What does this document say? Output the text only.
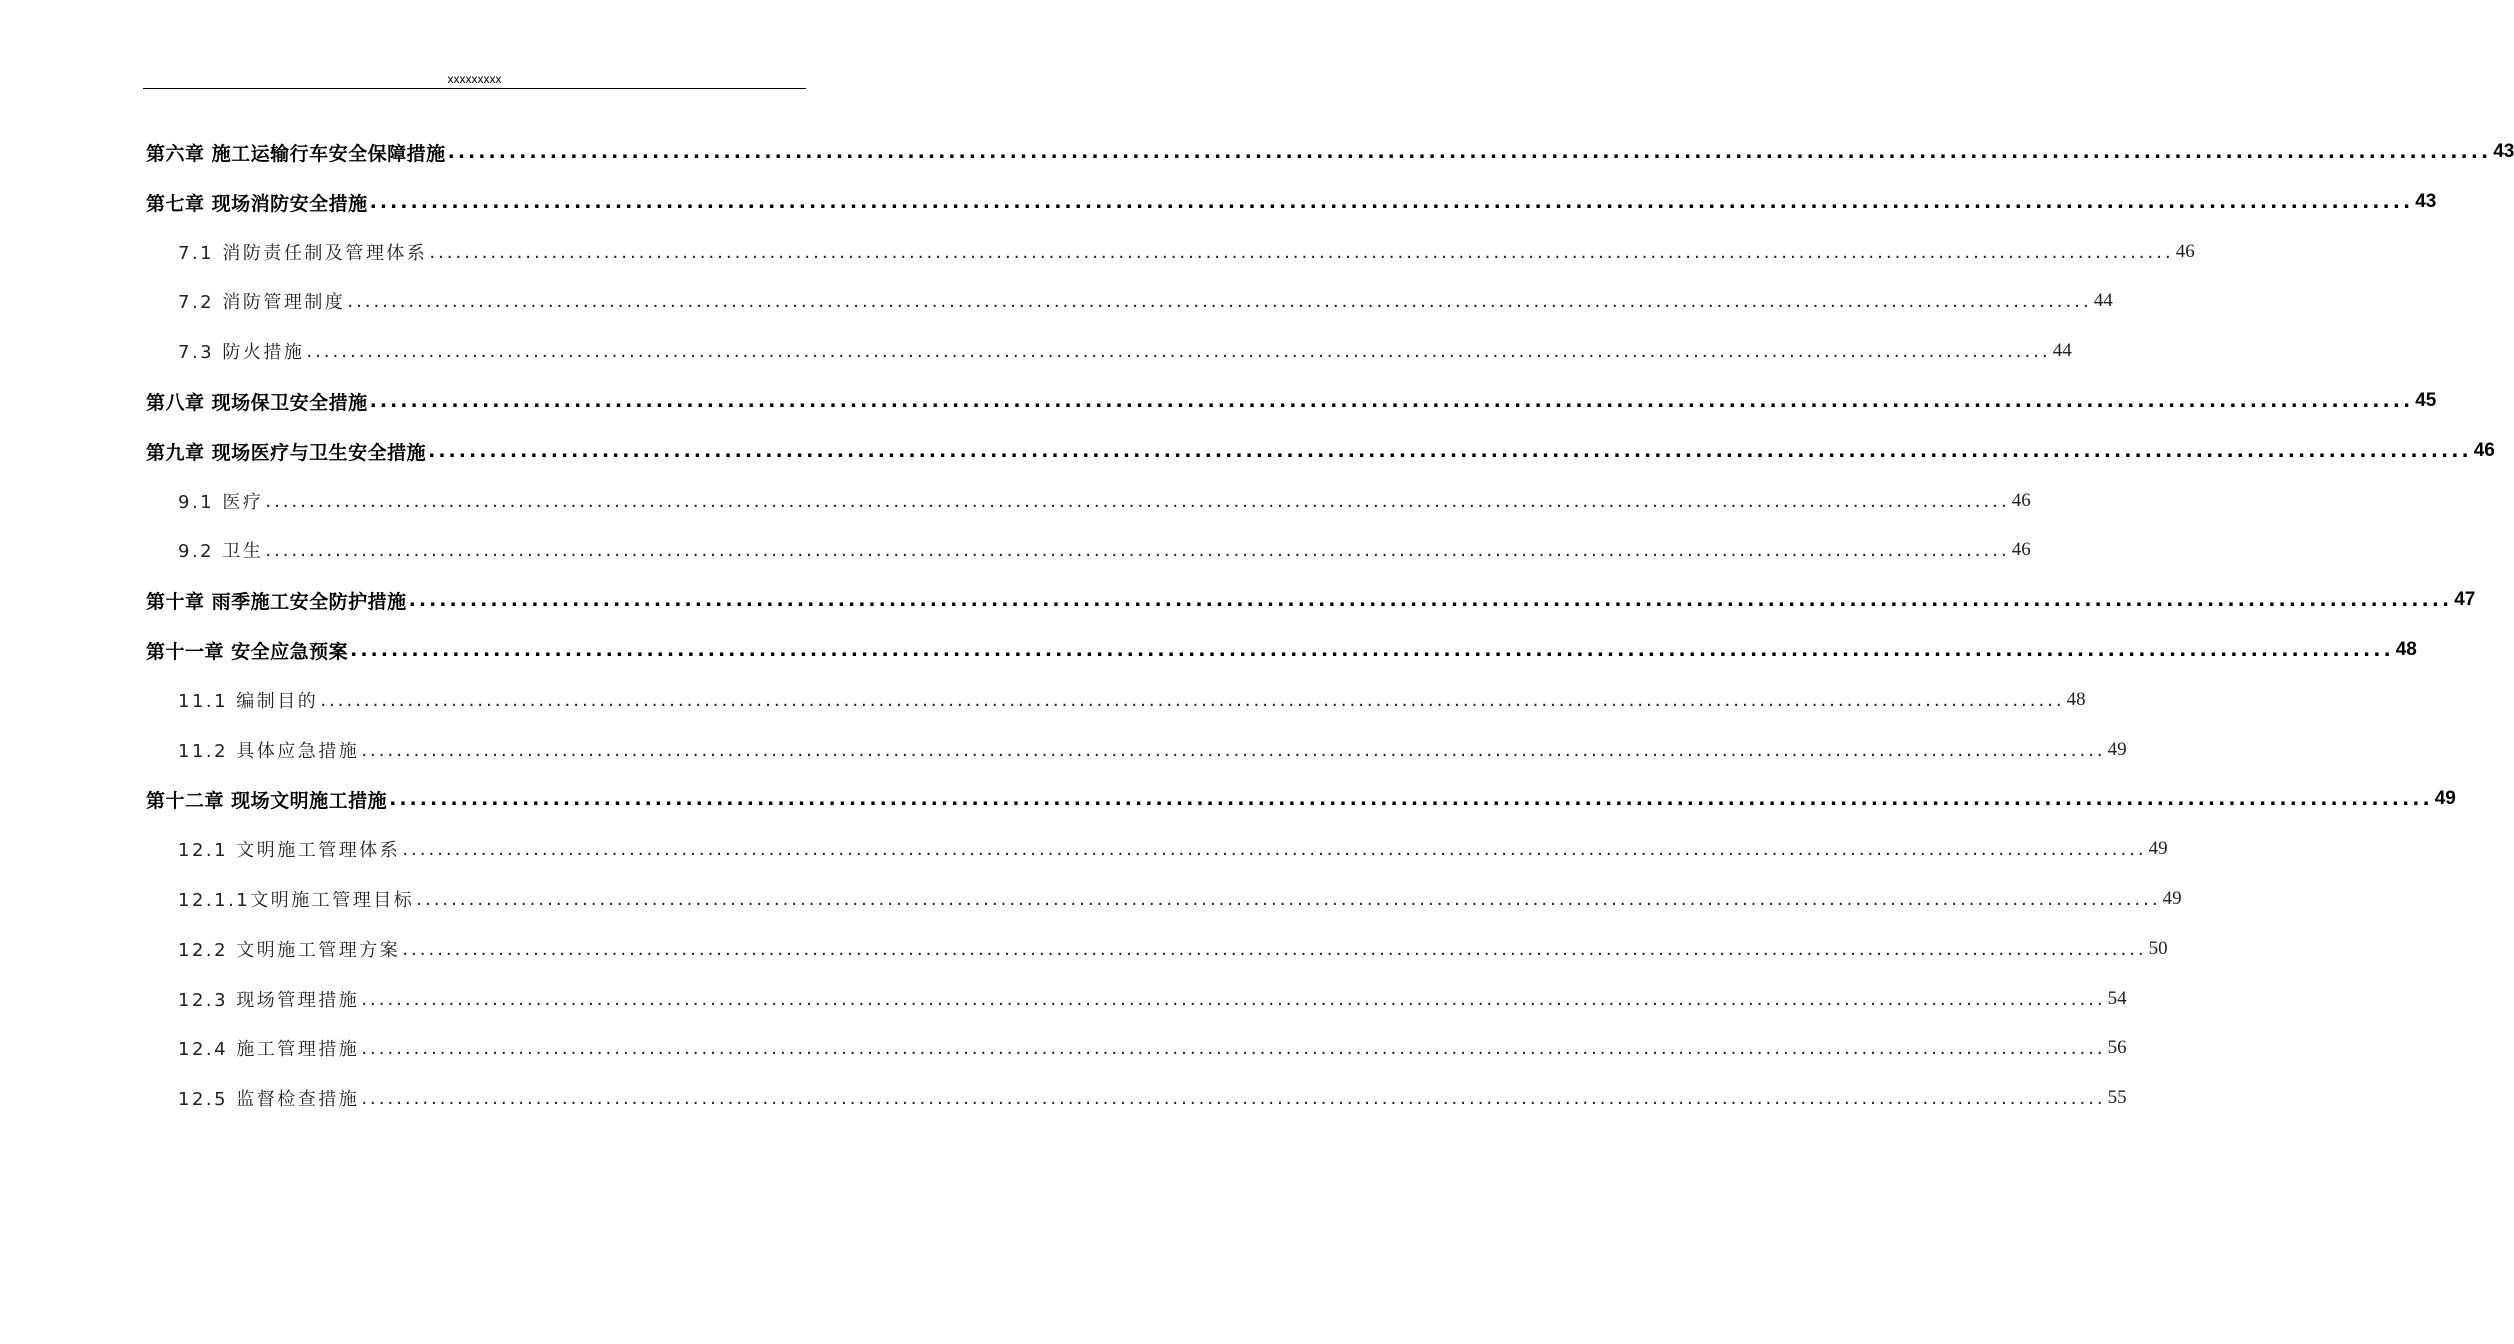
xxxxxxxxx
第六章 施工运输行车安全保障措施 ........................................................................................................................................................................................................ 43
第七章 现场消防安全措施 ........................................................................................................................................................................................................ 43
7.1 消防责任制及管理体系 ........................................................................................................................................................................................................ 46
7.2 消防管理制度 ........................................................................................................................................................................................................ 44
7.3 防火措施 ........................................................................................................................................................................................................ 44
第八章 现场保卫安全措施 ........................................................................................................................................................................................................ 45
第九章 现场医疗与卫生安全措施 ........................................................................................................................................................................................................ 46
9.1 医疗 ........................................................................................................................................................................................................ 46
9.2 卫生 ........................................................................................................................................................................................................ 46
第十章 雨季施工安全防护措施 ........................................................................................................................................................................................................ 47
第十一章 安全应急预案 ........................................................................................................................................................................................................ 48
11.1 编制目的 ........................................................................................................................................................................................................ 48
11.2 具体应急措施 ........................................................................................................................................................................................................ 49
第十二章 现场文明施工措施 ........................................................................................................................................................................................................ 49
12.1 文明施工管理体系 ........................................................................................................................................................................................................ 49
12.1.1文明施工管理目标 ........................................................................................................................................................................................................ 49
12.2 文明施工管理方案 ........................................................................................................................................................................................................ 50
12.3 现场管理措施 ........................................................................................................................................................................................................ 54
12.4 施工管理措施 ........................................................................................................................................................................................................ 56
12.5 监督检查措施 ........................................................................................................................................................................................................ 55
